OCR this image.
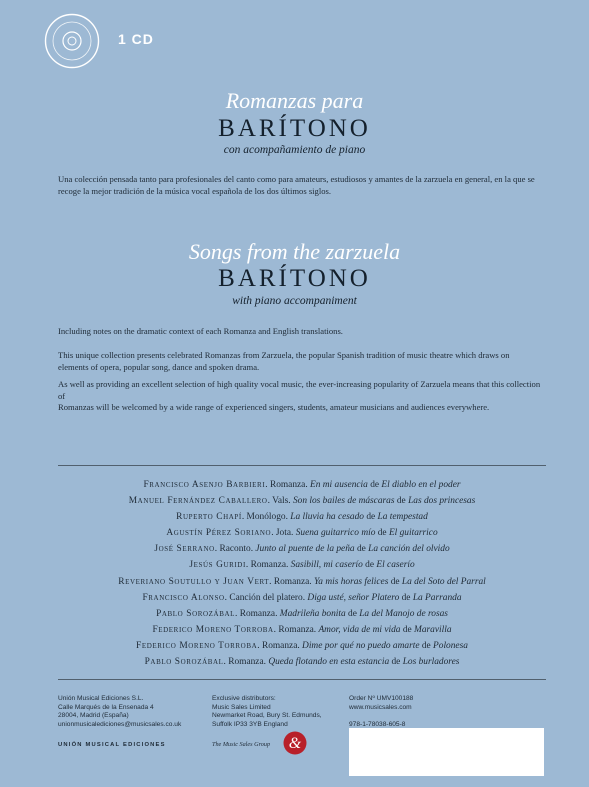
1 CD
Romanzas para
BARÍTONO
con acompañamiento de piano
Una colección pensada tanto para profesionales del canto como para amateurs, estudiosos y amantes de la zarzuela en general, en la que se
recoge la mejor tradición de la música vocal española de los dos últimos siglos.
Songs from the zarzuela
BARÍTONO
with piano accompaniment
Including notes on the dramatic context of each Romanza and English translations.
This unique collection presents celebrated Romanzas from Zarzuela, the popular Spanish tradition of music theatre which draws on
elements of opera, popular song, dance and spoken drama.
As well as providing an excellent selection of high quality vocal music, the ever-increasing popularity of Zarzuela means that this collection of
Romanzas will be welcomed by a wide range of experienced singers, students, amateur musicians and audiences everywhere.
Francisco Asenjo Barbieri. Romanza. En mi ausencia de El diablo en el poder
Manuel Fernández Caballero. Vals. Son los bailes de máscaras de Las dos princesas
Ruperto Chapí. Monólogo. La lluvia ha cesado de La tempestad
Agustín Pérez Soriano. Jota. Suena guitarrico mío de El guitarrico
José Serrano. Raconto. Junto al puente de la peña de La canción del olvido
Jesús Guridi. Romanza. Sasibill, mi caserío de El caserío
Reveriano Soutullo y Juan Vert. Romanza. Ya mis horas felices de La del Soto del Parral
Francisco Alonso. Canción del platero. Diga usté, señor Platero de La Parranda
Pablo Sorozábal. Romanza. Madrileña bonita de La del Manojo de rosas
Federico Moreno Torroba. Romanza. Amor, vida de mi vida de Maravilla
Federico Moreno Torroba. Romanza. Dime por qué no puedo amarte de Polonesa
Pablo Sorozábal. Romanza. Queda flotando en esta estancia de Los burladores
Unión Musical Ediciones S.L.
Calle Marqués de la Ensenada 4
28004, Madrid (España)
unionmusicalediciones@musicsales.co.uk
Exclusive distributors:
Music Sales Limited
Newmarket Road, Bury St. Edmunds,
Suffolk IP33 3YB England
Order Nº UMV100188
www.musicsales.com
978-1-78038-605-8
UNIÓN MUSICAL EDICIONES	The Music Sales Group &
